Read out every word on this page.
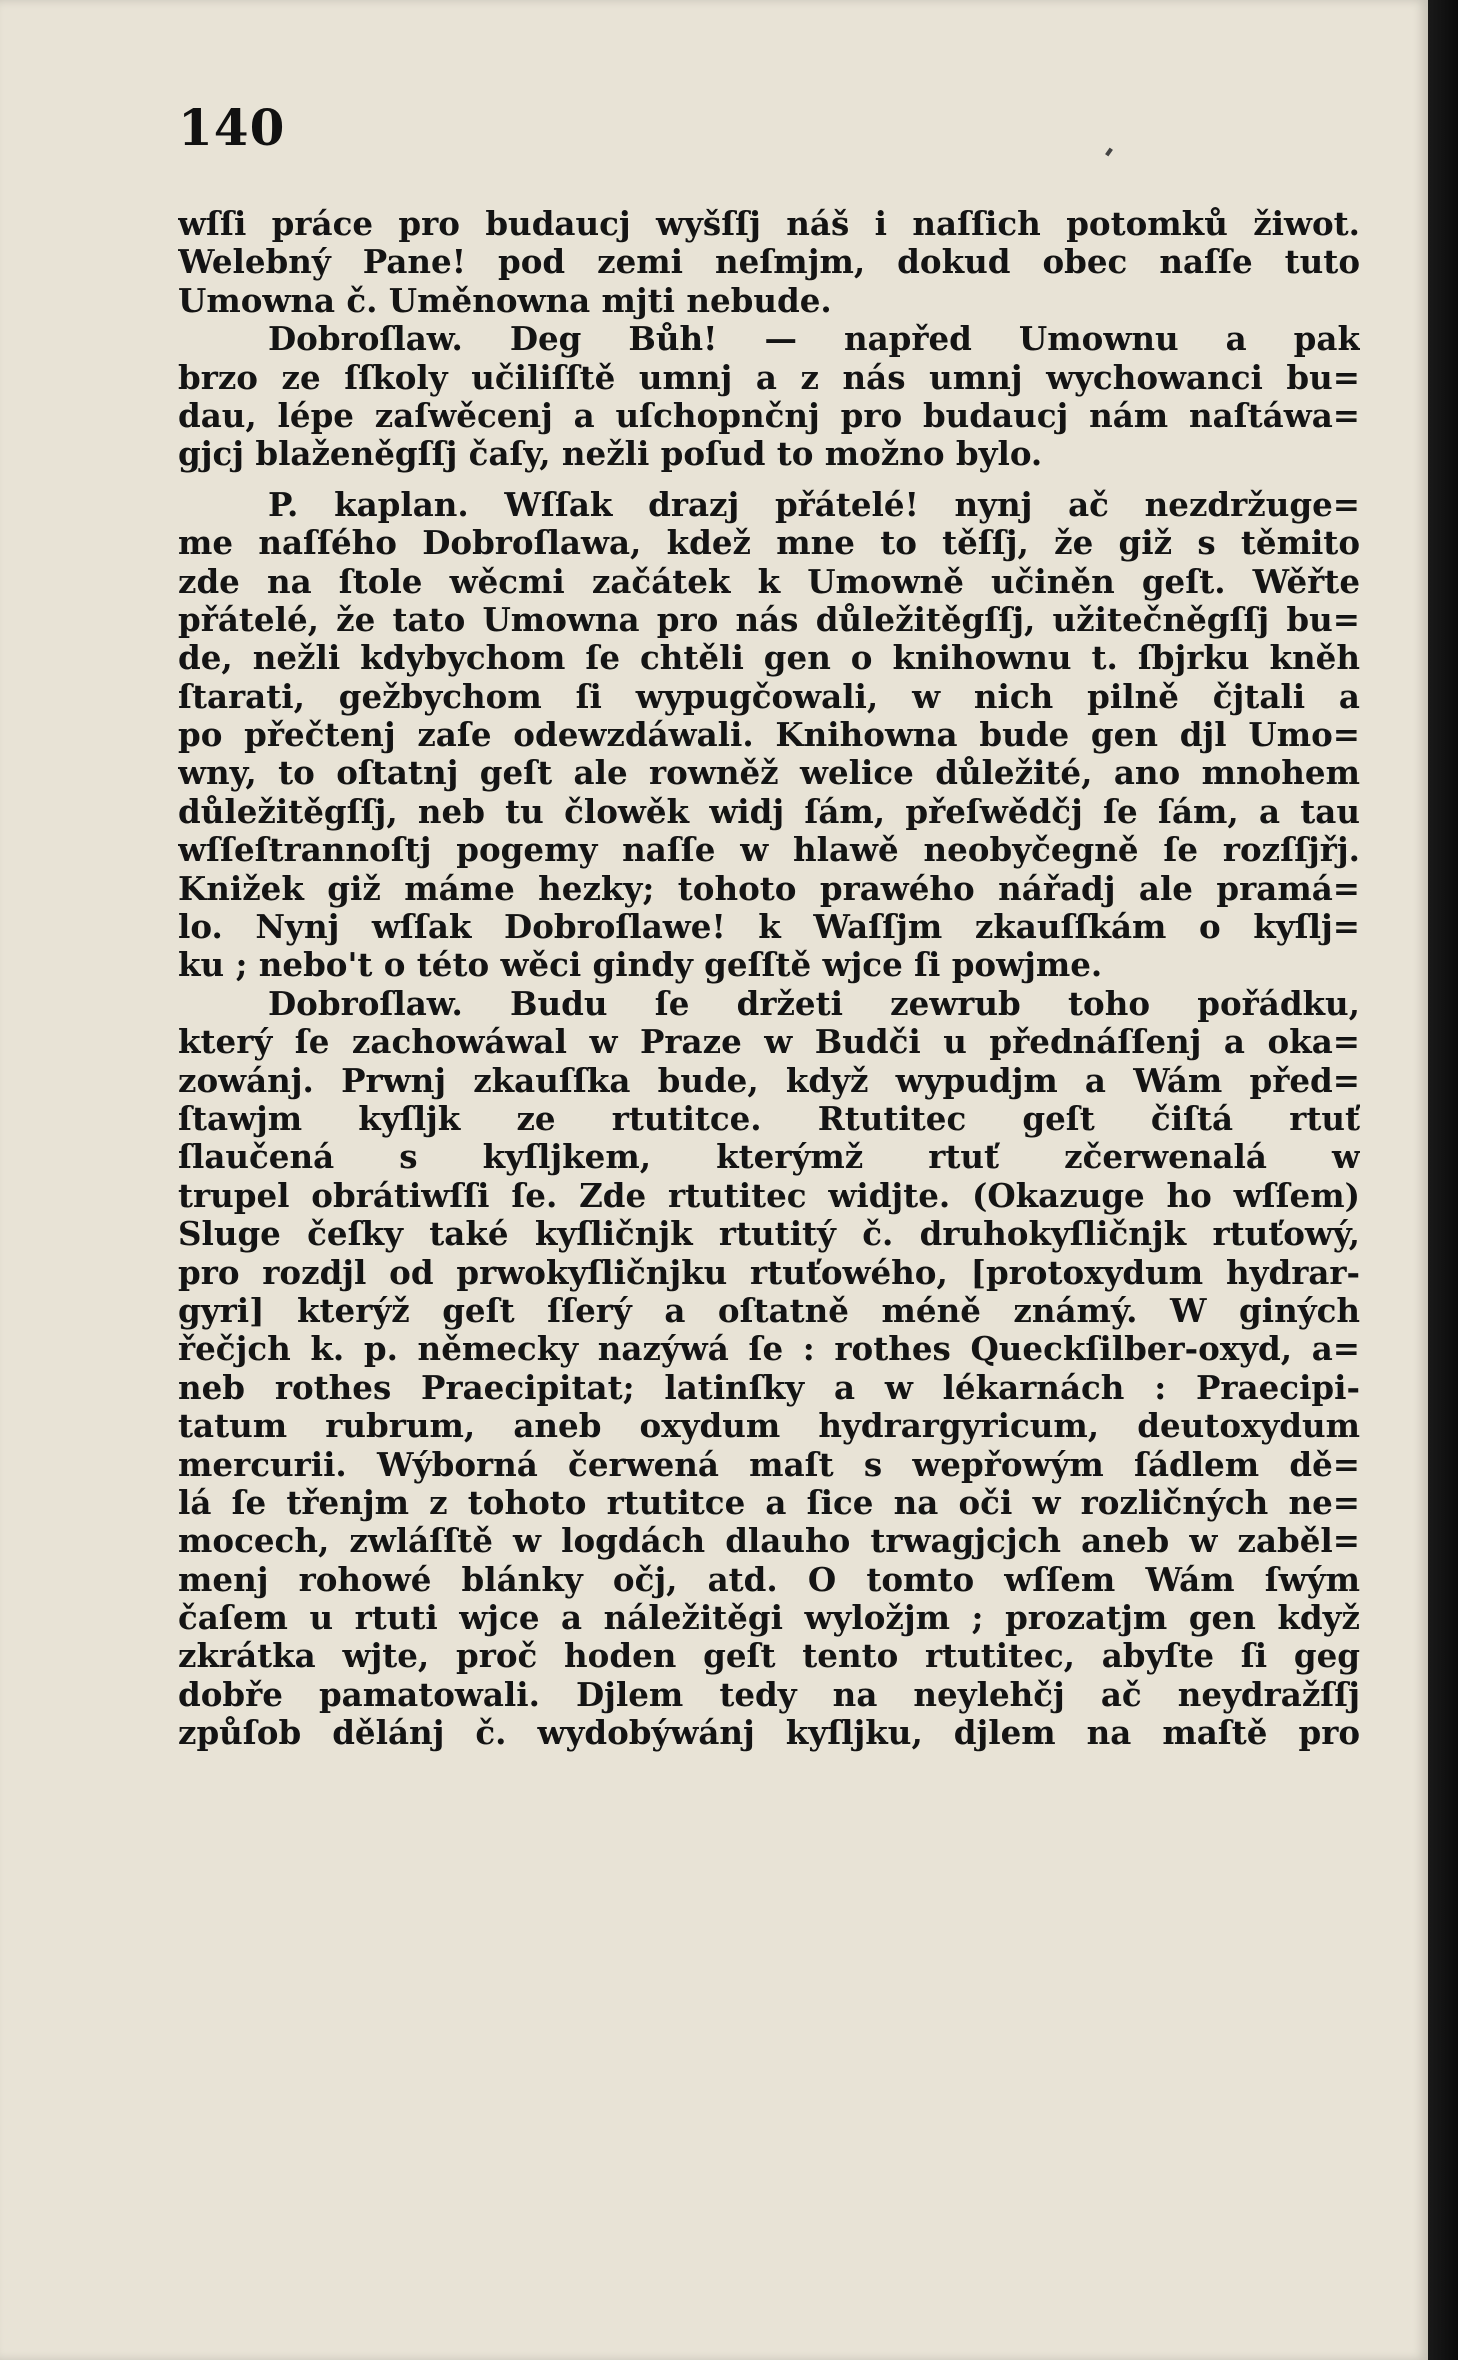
140
wſſi práce pro budaucj wyšſſj náš i naſſich potomků žiwot.
Welebný Pane! pod zemi neſmjm, dokud obec naſſe tuto
Umowna č. Uměnowna mjti nebude.
Dobroſlaw. Deg Bůh! — napřed Umownu a pak
brzo ze ſſkoly učiliſſtě umnj a z nás umnj wychowanci bu=
dau, lépe zaſwěcenj a uſchopnčnj pro budaucj nám naſtáwa=
gjcj blaženěgſſj čaſy, nežli poſud to možno bylo.
P. kaplan. Wſſak drazj přátelé! nynj ač nezdržuge=
me naſſého Dobroſlawa, kdež mne to těſſj, že giž s těmito
zde na ſtole wěcmi začátek k Umowně učiněn geſt. Wěřte
přátelé, že tato Umowna pro nás důležitěgſſj, užitečněgſſj bu=
de, nežli kdybychom ſe chtěli gen o knihownu t. ſbjrku kněh
ſtarati, gežbychom ſi wypugčowali, w nich pilně čjtali a
po přečtenj zaſe odewzdáwali. Knihowna bude gen djl Umo=
wny, to oſtatnj geſt ale rowněž welice důležité, ano mnohem
důležitěgſſj, neb tu člowěk widj ſám, přeſwědčj ſe ſám, a tau
wſſeſtrannoſtj pogemy naſſe w hlawě neobyčegně ſe rozſſjřj.
Knižek giž máme hezky; tohoto prawého nářadj ale pramá=
lo. Nynj wſſak Dobroſlawe! k Waſſjm zkauſſkám o kyſlj=
ku ; nebo't o této wěci gindy geſſtě wjce ſi powjme.
Dobroſlaw. Budu ſe držeti zewrub toho pořádku,
který ſe zachowáwal w Praze w Budči u přednáſſenj a oka=
zowánj. Prwnj zkauſſka bude, když wypudjm a Wám před=
ſtawjm kyſljk ze rtutitce. Rtutitec geſt čiſtá rtuť
ſlaučená s kyſljkem, kterýmž rtuť zčerwenalá w
trupel obrátiwſſi ſe. Zde rtutitec widjte. (Okazuge ho wſſem)
Sluge čeſky také kyſličnjk rtutitý č. druhokyſličnjk rtuťowý,
pro rozdjl od prwokyſličnjku rtuťowého, [protoxydum hydrar-
gyri] kterýž geſt ſſerý a oſtatně méně známý. W giných
řečjch k. p. německy nazýwá ſe : rothes Queckſilber-oxyd, a=
neb rothes Praecipitat; latinſky a w lékarnách : Praecipi-
tatum rubrum, aneb oxydum hydrargyricum, deutoxydum
mercurii. Wýborná čerwená maſt s wepřowým ſádlem dě=
lá ſe třenjm z tohoto rtutitce a ſice na oči w rozličných ne=
mocech, zwláſſtě w logdách dlauho trwagjcjch aneb w zaběl=
menj rohowé blánky očj, atd. O tomto wſſem Wám ſwým
čaſem u rtuti wjce a náležitěgi wyložjm ; prozatjm gen když
zkrátka wjte, proč hoden geſt tento rtutitec, abyſte ſi geg
dobře pamatowali. Djlem tedy na neylehčj ač neydražſſj
způſob dělánj č. wydobýwánj kyſljku, djlem na maſtě pro
